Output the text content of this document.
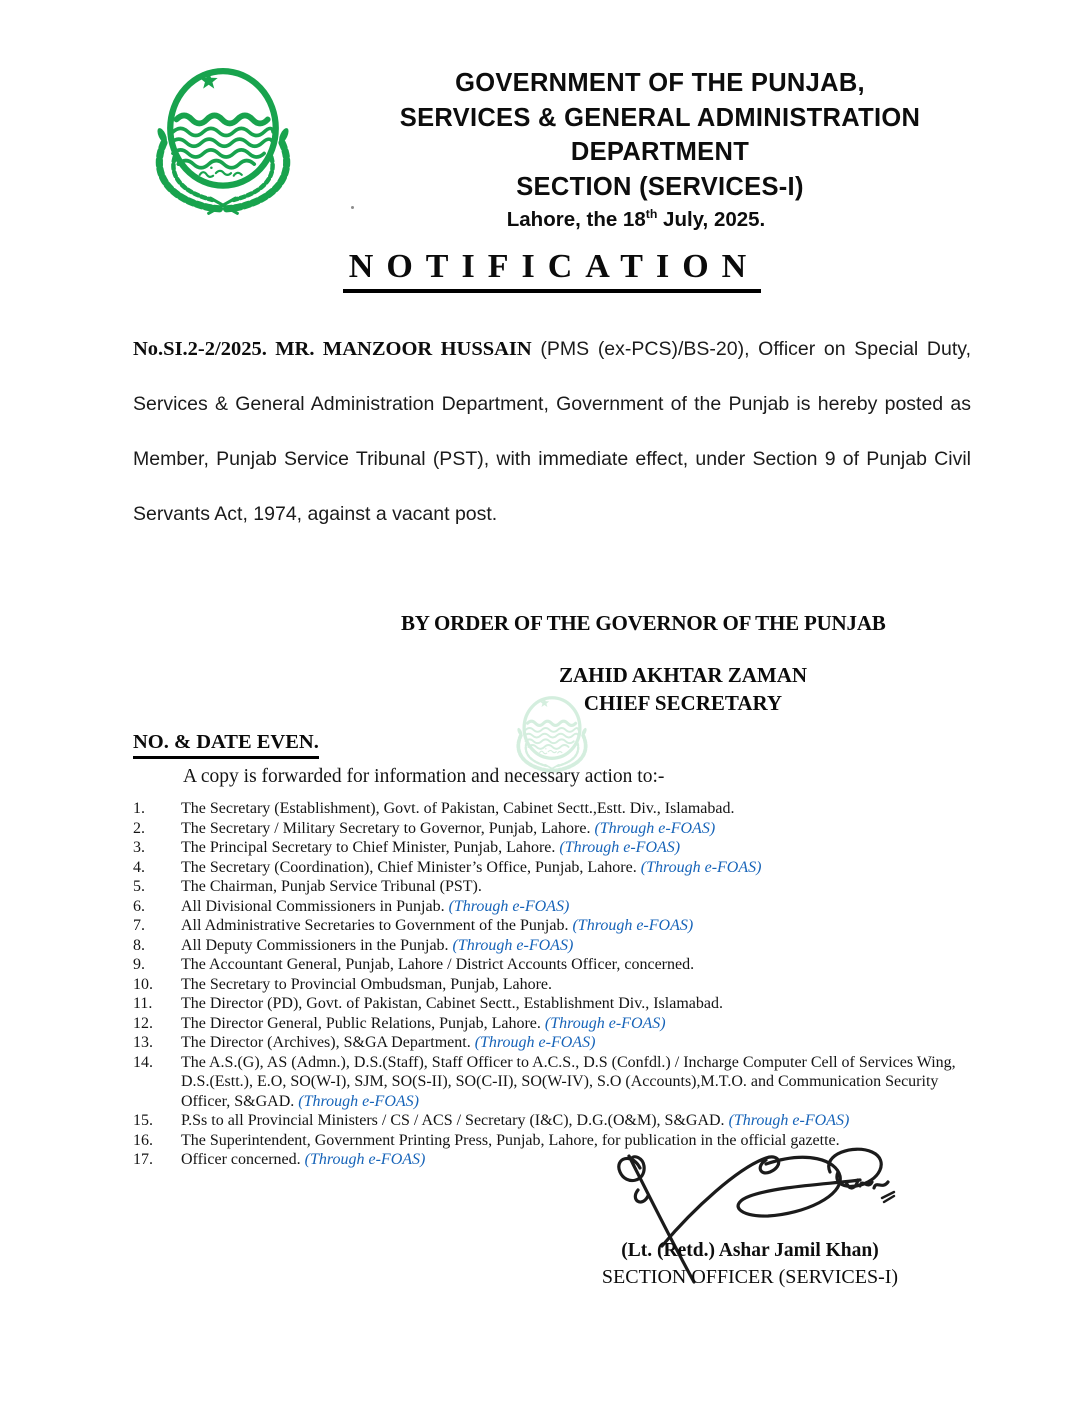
GOVERNMENT OF THE PUNJAB,
SERVICES & GENERAL ADMINISTRATION
DEPARTMENT
SECTION (SERVICES-I)
Lahore, the 18th July, 2025.
NOTIFICATION

No.SI.2-2/2025. MR. MANZOOR HUSSAIN (PMS (ex-PCS)/BS-20), Officer on Special Duty, Services & General Administration Department, Government of the Punjab is hereby posted as Member, Punjab Service Tribunal (PST), with immediate effect, under Section 9 of Punjab Civil Servants Act, 1974, against a vacant post.

BY ORDER OF THE GOVERNOR OF THE PUNJAB
ZAHID AKHTAR ZAMAN
CHIEF SECRETARY
NO. & DATE EVEN.
A copy is forwarded for information and necessary action to:-
1.	The Secretary (Establishment), Govt. of Pakistan, Cabinet Sectt.,Estt. Div., Islamabad.
2.	The Secretary / Military Secretary to Governor, Punjab, Lahore. (Through e-FOAS)
3.	The Principal Secretary to Chief Minister, Punjab, Lahore. (Through e-FOAS)
4.	The Secretary (Coordination), Chief Minister’s Office, Punjab, Lahore. (Through e-FOAS)
5.	The Chairman, Punjab Service Tribunal (PST).
6.	All Divisional Commissioners in Punjab. (Through e-FOAS)
7.	All Administrative Secretaries to Government of the Punjab. (Through e-FOAS)
8.	All Deputy Commissioners in the Punjab. (Through e-FOAS)
9.	The Accountant General, Punjab, Lahore / District Accounts Officer, concerned.
10.	The Secretary to Provincial Ombudsman, Punjab, Lahore.
11.	The Director (PD), Govt. of Pakistan, Cabinet Sectt., Establishment Div., Islamabad.
12.	The Director General, Public Relations, Punjab, Lahore. (Through e-FOAS)
13.	The Director (Archives), S&GA Department. (Through e-FOAS)
14.	The A.S.(G), AS (Admn.), D.S.(Staff), Staff Officer to A.C.S., D.S (Confdl.) / Incharge Computer Cell of Services Wing, D.S.(Estt.), E.O, SO(W-I), SJM, SO(S-II), SO(C-II), SO(W-IV), S.O (Accounts),M.T.O. and Communication Security Officer, S&GAD. (Through e-FOAS)
15.	P.Ss to all Provincial Ministers / CS / ACS / Secretary (I&C), D.G.(O&M), S&GAD. (Through e-FOAS)
16.	The Superintendent, Government Printing Press, Punjab, Lahore, for publication in the official gazette.
17.	Officer concerned. (Through e-FOAS)
(Lt. (Retd.) Ashar Jamil Khan)
SECTION OFFICER (SERVICES-I)
